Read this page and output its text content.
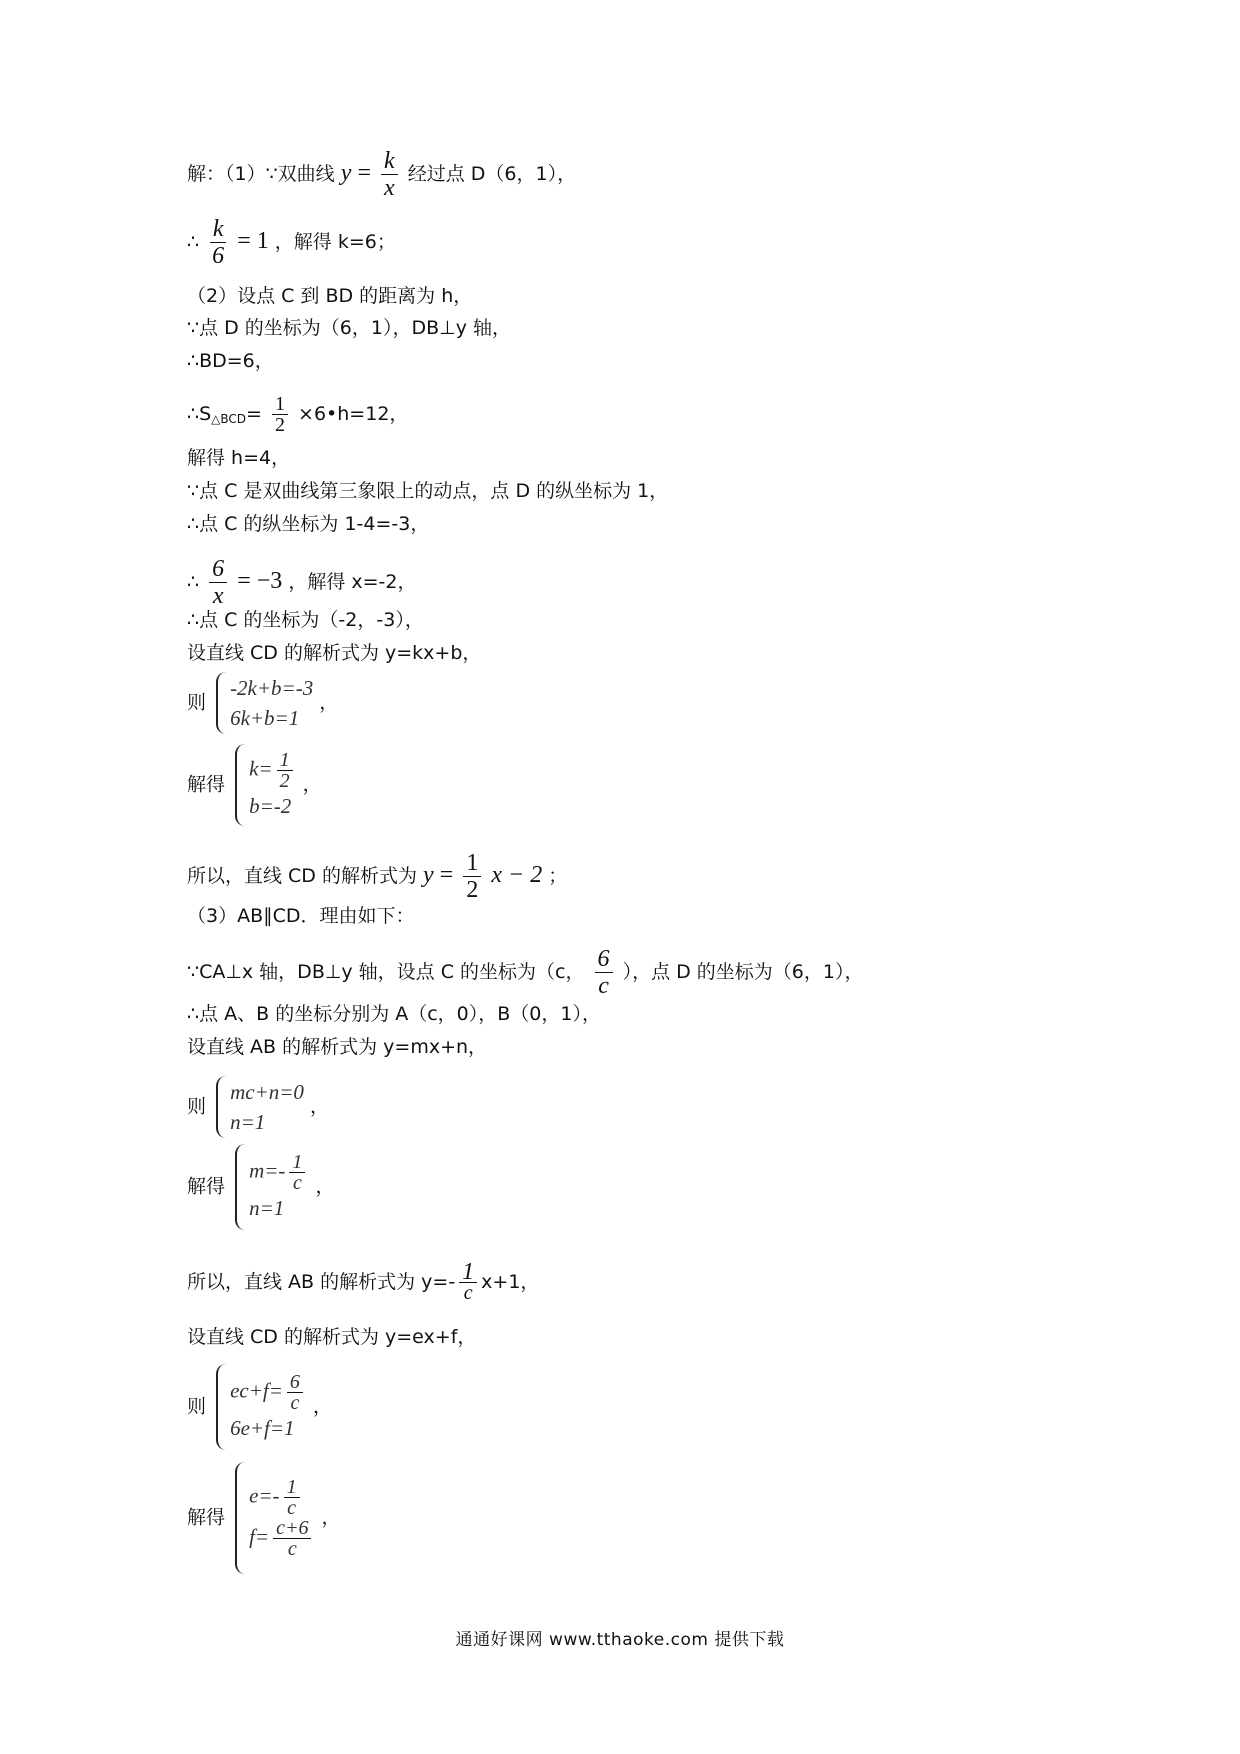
解：（1）∵双曲线 $y = \frac{k}{x}$ 经过点 D（6，1），
∴ $\frac{k}{6} = 1$ ，解得 k=6；
（2）设点 C 到 BD 的距离为 h，
∵点 D 的坐标为（6，1），DB⊥y 轴，
∴BD=6，
$\therefore S_{\triangle BCD}= \frac{1}{2}$ ×6•h=12，
解得 h=4，
∵点 C 是双曲线第三象限上的动点，点 D 的纵坐标为 1，
∴点 C 的纵坐标为 1-4=-3，
∴ $\frac{6}{x} = -3$ ，解得 x=-2，
∴点 C 的坐标为（-2，-3），
设直线 CD 的解析式为 y=kx+b，
则
-2k+b=-3
6k+b=1
，
解得
$k= \frac{1}{2}$
b=-2
，
所以，直线 CD 的解析式为 $y = \frac{1}{2}$ x − 2 ；
（3）AB∥CD．理由如下：
∵CA⊥x 轴，DB⊥y 轴，设点 C 的坐标为（c， $\frac{6}{c}$ ），点 D 的坐标为（6，1），
∴点 A、B 的坐标分别为 A（c，0），B（0，1），
设直线 AB 的解析式为 y=mx+n，
则
mc+n=0
n=1
，
解得
$m=- \frac{1}{c}$
n=1
，
所以，直线 AB 的解析式为 $y=- \frac{1}{c} x+1$，
设直线 CD 的解析式为 y=ex+f，
则
$ec+f= \frac{6}{c}$
6e+f=1
，
解得
$e=- \frac{1}{c}$
$f= \frac{c+6}{c}$
，
通通好课网 www.tthaoke.com 提供下载
